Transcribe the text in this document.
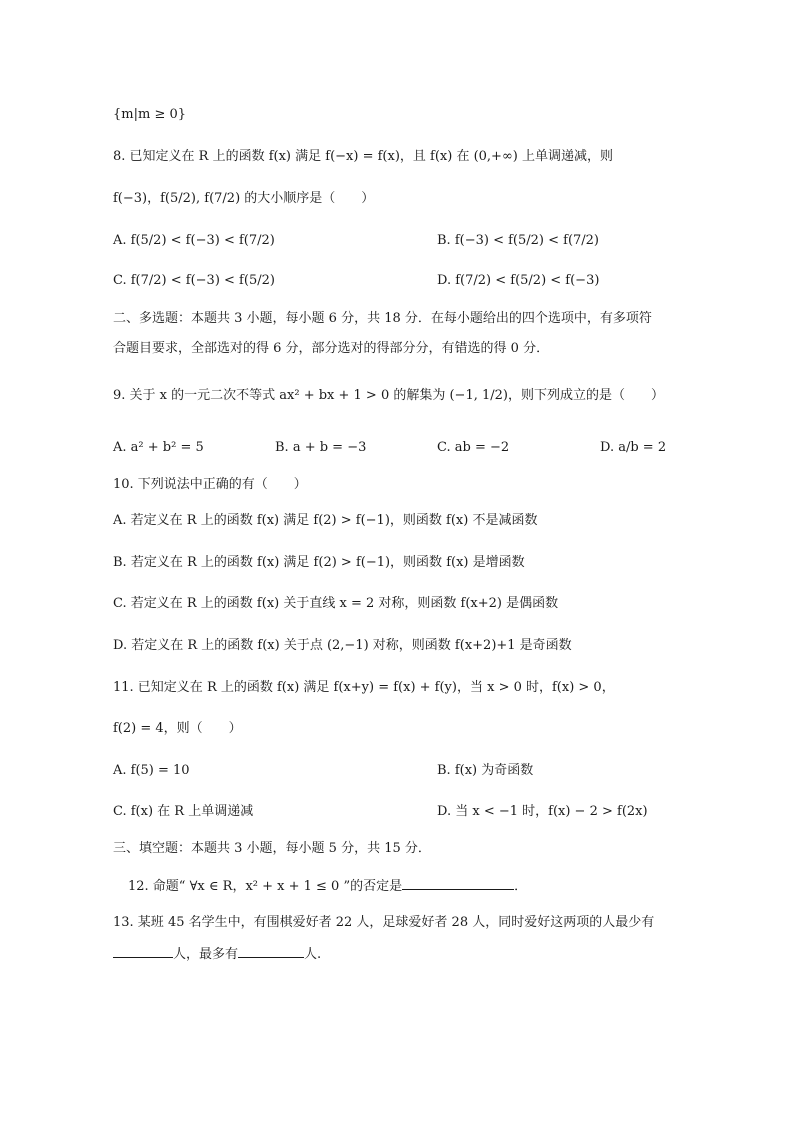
{m|m ≥ 0}
8. 已知定义在 R 上的函数 f(x) 满足 f(−x) = f(x)，且 f(x) 在 (0,+∞) 上单调递减，则
f(−3)，f(5/2), f(7/2) 的大小顺序是（　　）
A. f(5/2) < f(−3) < f(7/2)	B. f(−3) < f(5/2) < f(7/2)
C. f(7/2) < f(−3) < f(5/2)	D. f(7/2) < f(5/2) < f(−3)
二、多选题：本题共 3 小题，每小题 6 分，共 18 分．在每小题给出的四个选项中，有多项符
合题目要求，全部选对的得 6 分，部分选对的得部分分，有错选的得 0 分．
9. 关于 x 的一元二次不等式 ax² + bx + 1 > 0 的解集为 (−1, 1/2)，则下列成立的是（　　）
A. a² + b² = 5	B. a + b = −3	C. ab = −2	D. a/b = 2
10. 下列说法中正确的有（　　）
A. 若定义在 R 上的函数 f(x) 满足 f(2) > f(−1)，则函数 f(x) 不是减函数
B. 若定义在 R 上的函数 f(x) 满足 f(2) > f(−1)，则函数 f(x) 是增函数
C. 若定义在 R 上的函数 f(x) 关于直线 x = 2 对称，则函数 f(x+2) 是偶函数
D. 若定义在 R 上的函数 f(x) 关于点 (2,−1) 对称，则函数 f(x+2)+1 是奇函数
11. 已知定义在 R 上的函数 f(x) 满足 f(x+y) = f(x) + f(y)，当 x > 0 时，f(x) > 0，
f(2) = 4，则（　　）
A. f(5) = 10	B. f(x) 为奇函数
C. f(x) 在 R 上单调递减	D. 当 x < −1 时，f(x) − 2 > f(2x)
三、填空题：本题共 3 小题，每小题 5 分，共 15 分．
12. 命题“ ∀x ∈ R，x² + x + 1 ≤ 0 ”的否定是	．
13. 某班 45 名学生中，有围棋爱好者 22 人，足球爱好者 28 人，同时爱好这两项的人最少有
人，最多有	人.
